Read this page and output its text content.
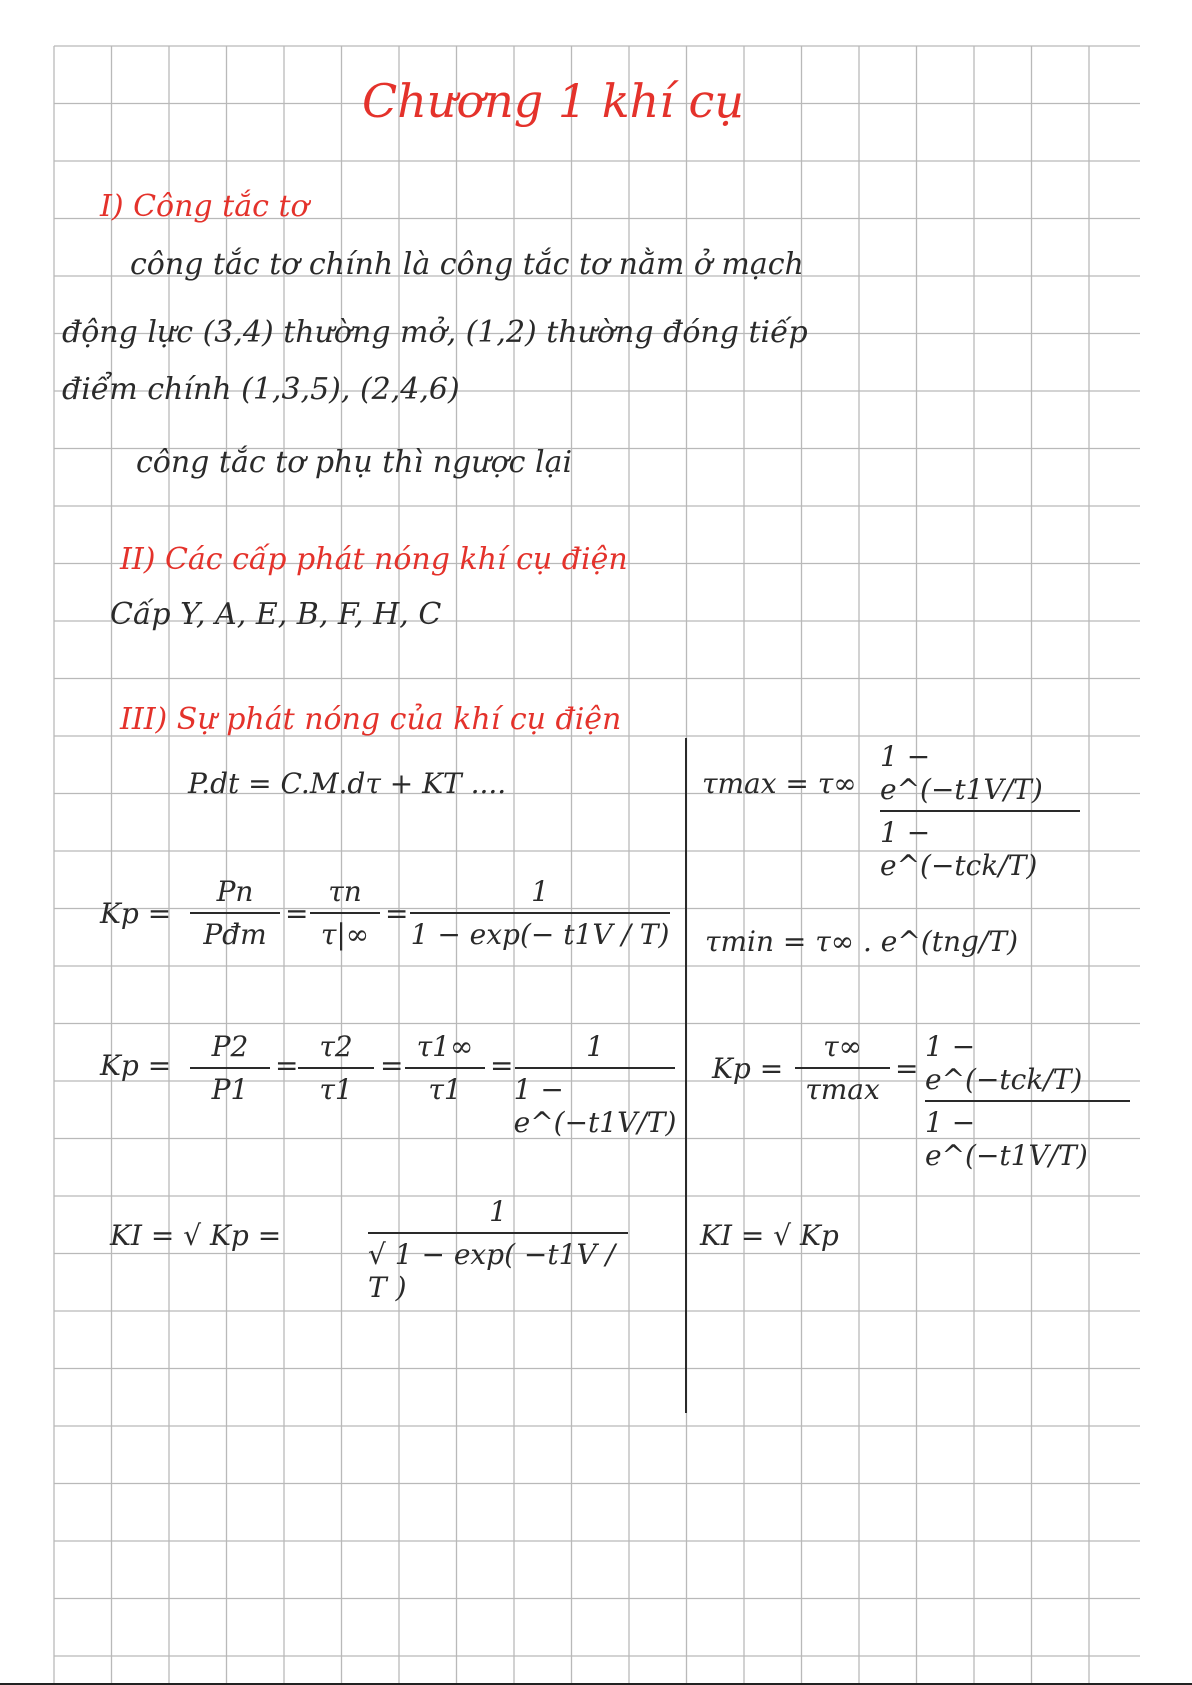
Chương 1 khí cụ
I) Công tắc tơ
công tắc tơ chính là công tắc tơ nằm ở mạch
động lực (3,4) thường mở, (1,2) thường đóng tiếp
điểm chính (1,3,5), (2,4,6)
công tắc tơ phụ thì ngược lại
II) Các cấp phát nóng khí cụ điện
Cấp Y, A, E, B, F, H, C
III) Sự phát nóng của khí cụ điện
P.dt = C.M.dτ + KT ....	τmax = τ∞
1 − e^(−t1V/T)
1 − e^(−tck/T)
Kp =
Pn
Pđm
=
τn
τ|∞
=
1
1 − exp(− t1V / T) τmin = τ∞ . e^(tng/T)
Kp =
P2
P1
=
τ2
τ1
=
τ1∞
τ1
=
1
1 − e^(−t1V/T)
Kp =
τ∞
τmax
=
1 − e^(−tck/T)
1 − e^(−t1V/T)
KI = √ Kp =
1
√ 1 − exp( −t1V / T )
KI = √ Kp
